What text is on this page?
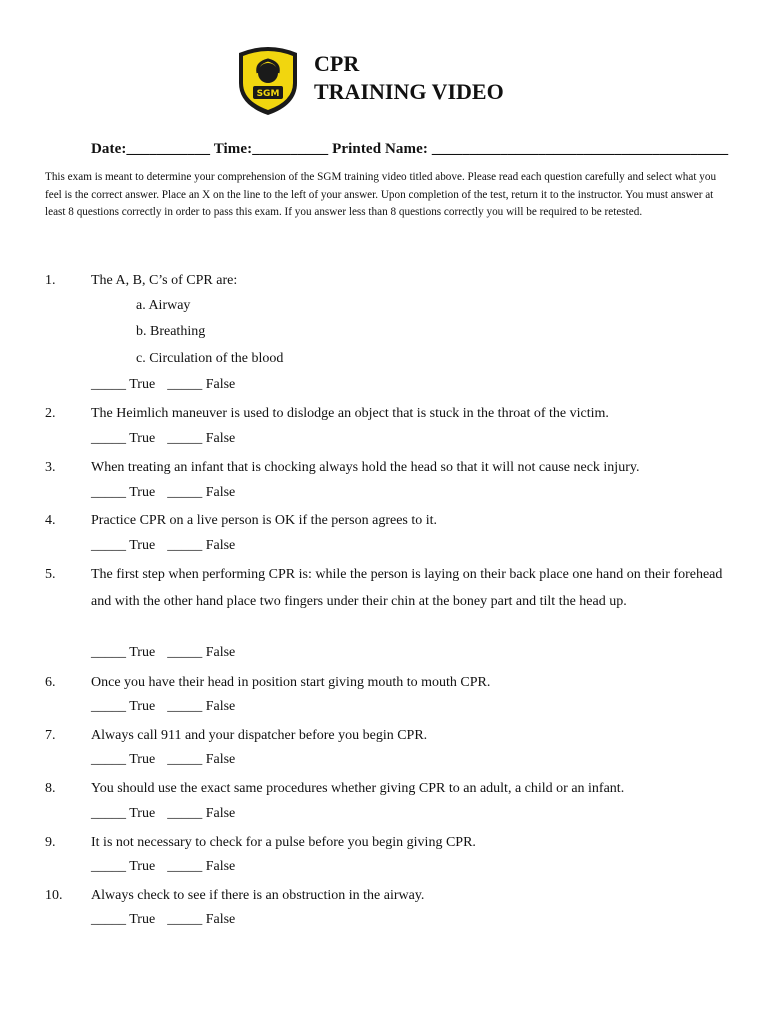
SGM
CPR
TRAINING VIDEO
Date:___________ Time:__________ Printed Name: _______________________________________
This exam is meant to determine your comprehension of the SGM training video titled above. Please read each question carefully and select what you feel is the correct answer. Place an X on the line to the left of your answer. Upon completion of the test, return it to the instructor. You must answer at least 8 questions correctly in order to pass this exam. If you answer less than 8 questions correctly you will be required to be retested.
1.	The A, B, C’s of CPR are:
a. Airway
b. Breathing
c. Circulation of the blood
_____ True _____ False
2.	The Heimlich maneuver is used to dislodge an object that is stuck in the throat of the victim.
_____ True _____ False
3.	When treating an infant that is chocking always hold the head so that it will not cause neck injury.
_____ True _____ False
4.	Practice CPR on a live person is OK if the person agrees to it.
_____ True _____ False
5.	The first step when performing CPR is: while the person is laying on their back place one hand on their forehead and with the other hand place two fingers under their chin at the boney part and tilt the head up.
_____ True _____ False
6.	Once you have their head in position start giving mouth to mouth CPR.
_____ True _____ False
7.	Always call 911 and your dispatcher before you begin CPR.
_____ True _____ False
8.	You should use the exact same procedures whether giving CPR to an adult, a child or an infant.
_____ True _____ False
9.	It is not necessary to check for a pulse before you begin giving CPR.
_____ True _____ False
10. Always check to see if there is an obstruction in the airway.
_____ True _____ False
